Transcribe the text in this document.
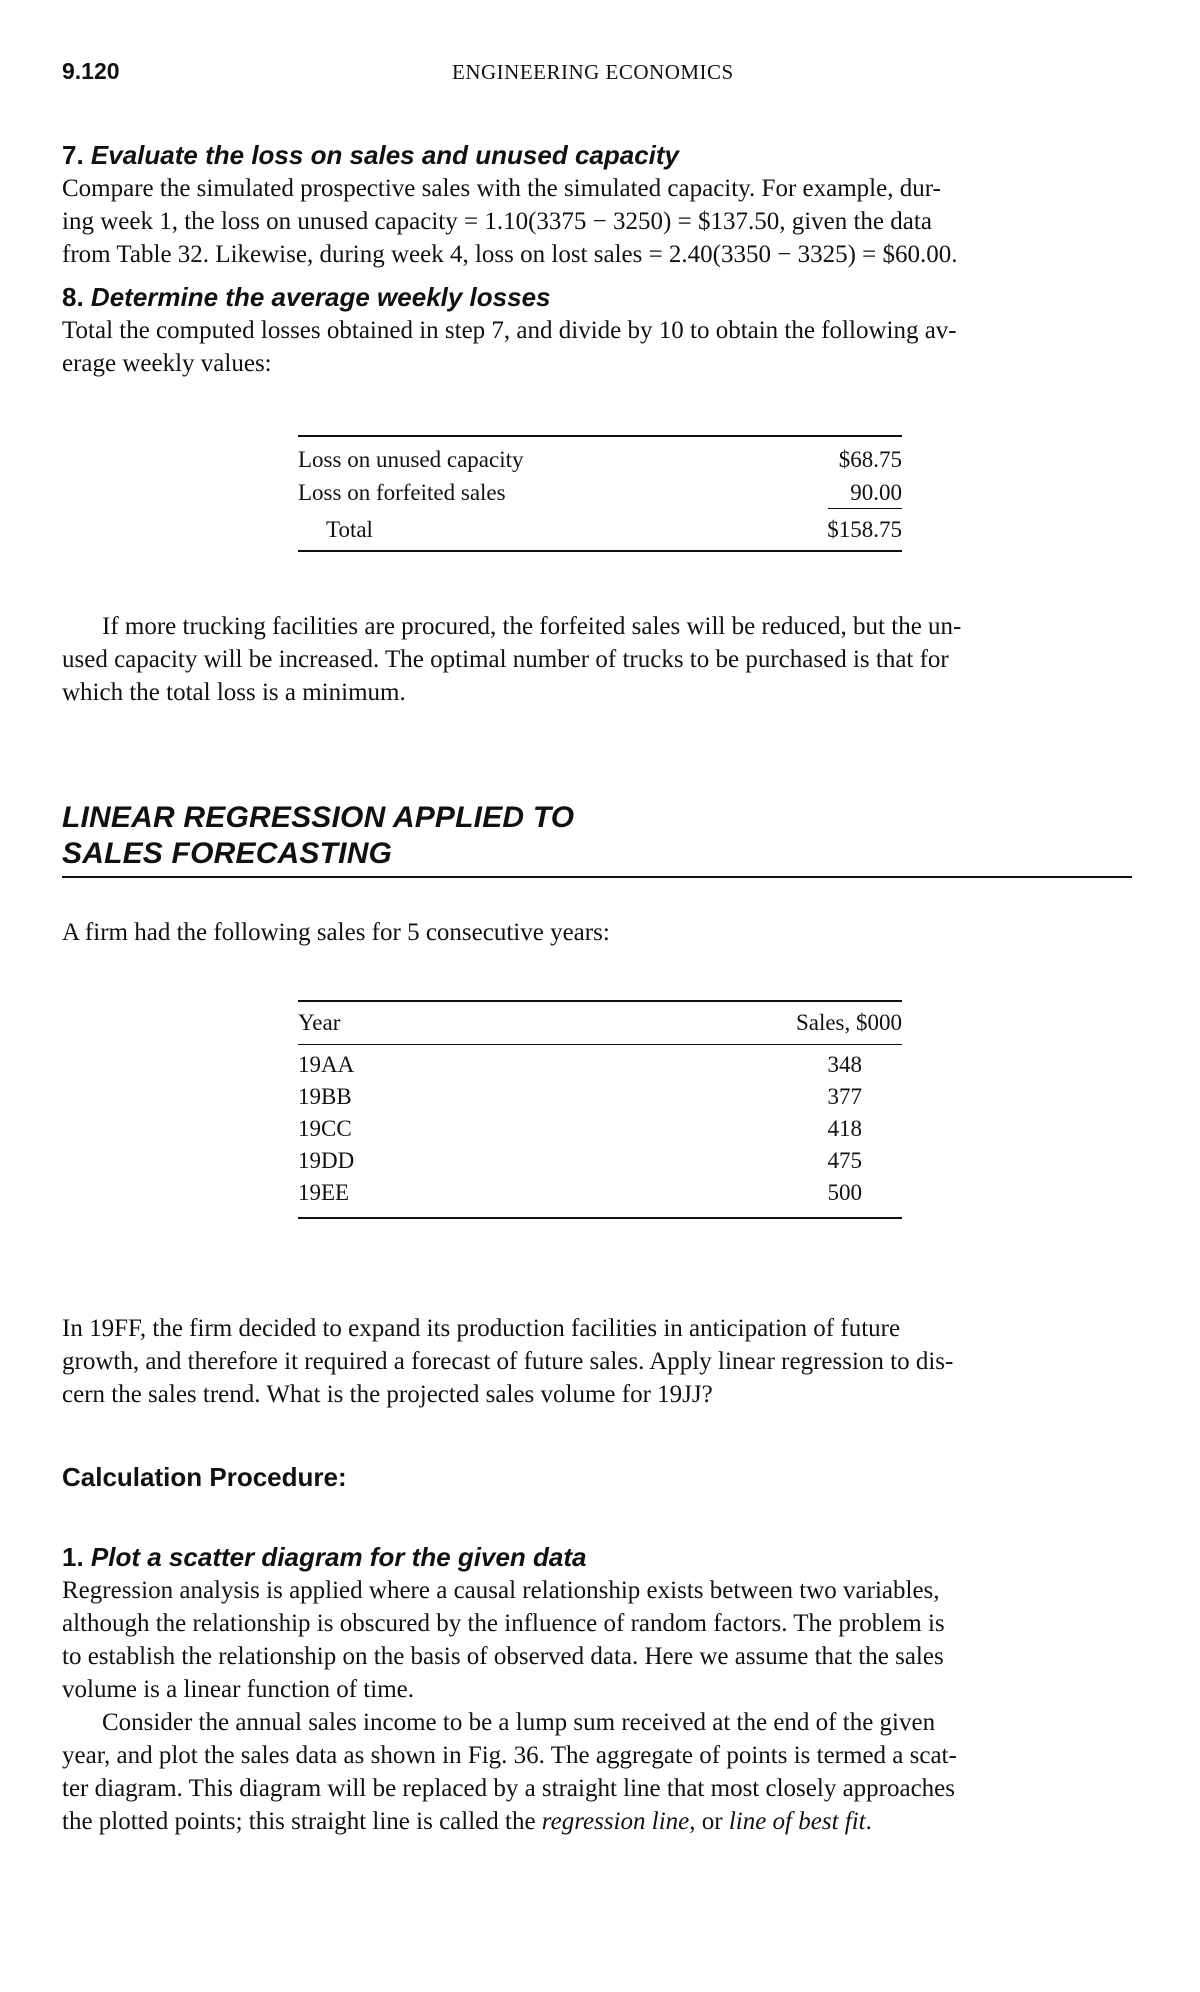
9.120	ENGINEERING ECONOMICS
7. Evaluate the loss on sales and unused capacity

Compare the simulated prospective sales with the simulated capacity. For example, dur-
ing week 1, the loss on unused capacity = 1.10(3375 − 3250) = $137.50, given the data
from Table 32. Likewise, during week 4, loss on lost sales = 2.40(3350 − 3325) = $60.00.

8. Determine the average weekly losses

Total the computed losses obtained in step 7, and divide by 10 to obtain the following av-
erage weekly values:

Loss on unused capacity	$68.75
Loss on forfeited sales	90.00
Total	$158.75

If more trucking facilities are procured, the forfeited sales will be reduced, but the un-
used capacity will be increased. The optimal number of trucks to be purchased is that for
which the total loss is a minimum.

LINEAR REGRESSION APPLIED TO
SALES FORECASTING

A firm had the following sales for 5 consecutive years:

Year	Sales, $000
19AA	348
19BB	377
19CC	418
19DD	475
19EE	500

In 19FF, the firm decided to expand its production facilities in anticipation of future
growth, and therefore it required a forecast of future sales. Apply linear regression to dis-
cern the sales trend. What is the projected sales volume for 19JJ?

Calculation Procedure:
1. Plot a scatter diagram for the given data

Regression analysis is applied where a causal relationship exists between two variables,
although the relationship is obscured by the influence of random factors. The problem is
to establish the relationship on the basis of observed data. Here we assume that the sales
volume is a linear function of time.

Consider the annual sales income to be a lump sum received at the end of the given
year, and plot the sales data as shown in Fig. 36. The aggregate of points is termed a scat-
ter diagram. This diagram will be replaced by a straight line that most closely approaches
the plotted points; this straight line is called the regression line, or line of best fit.
